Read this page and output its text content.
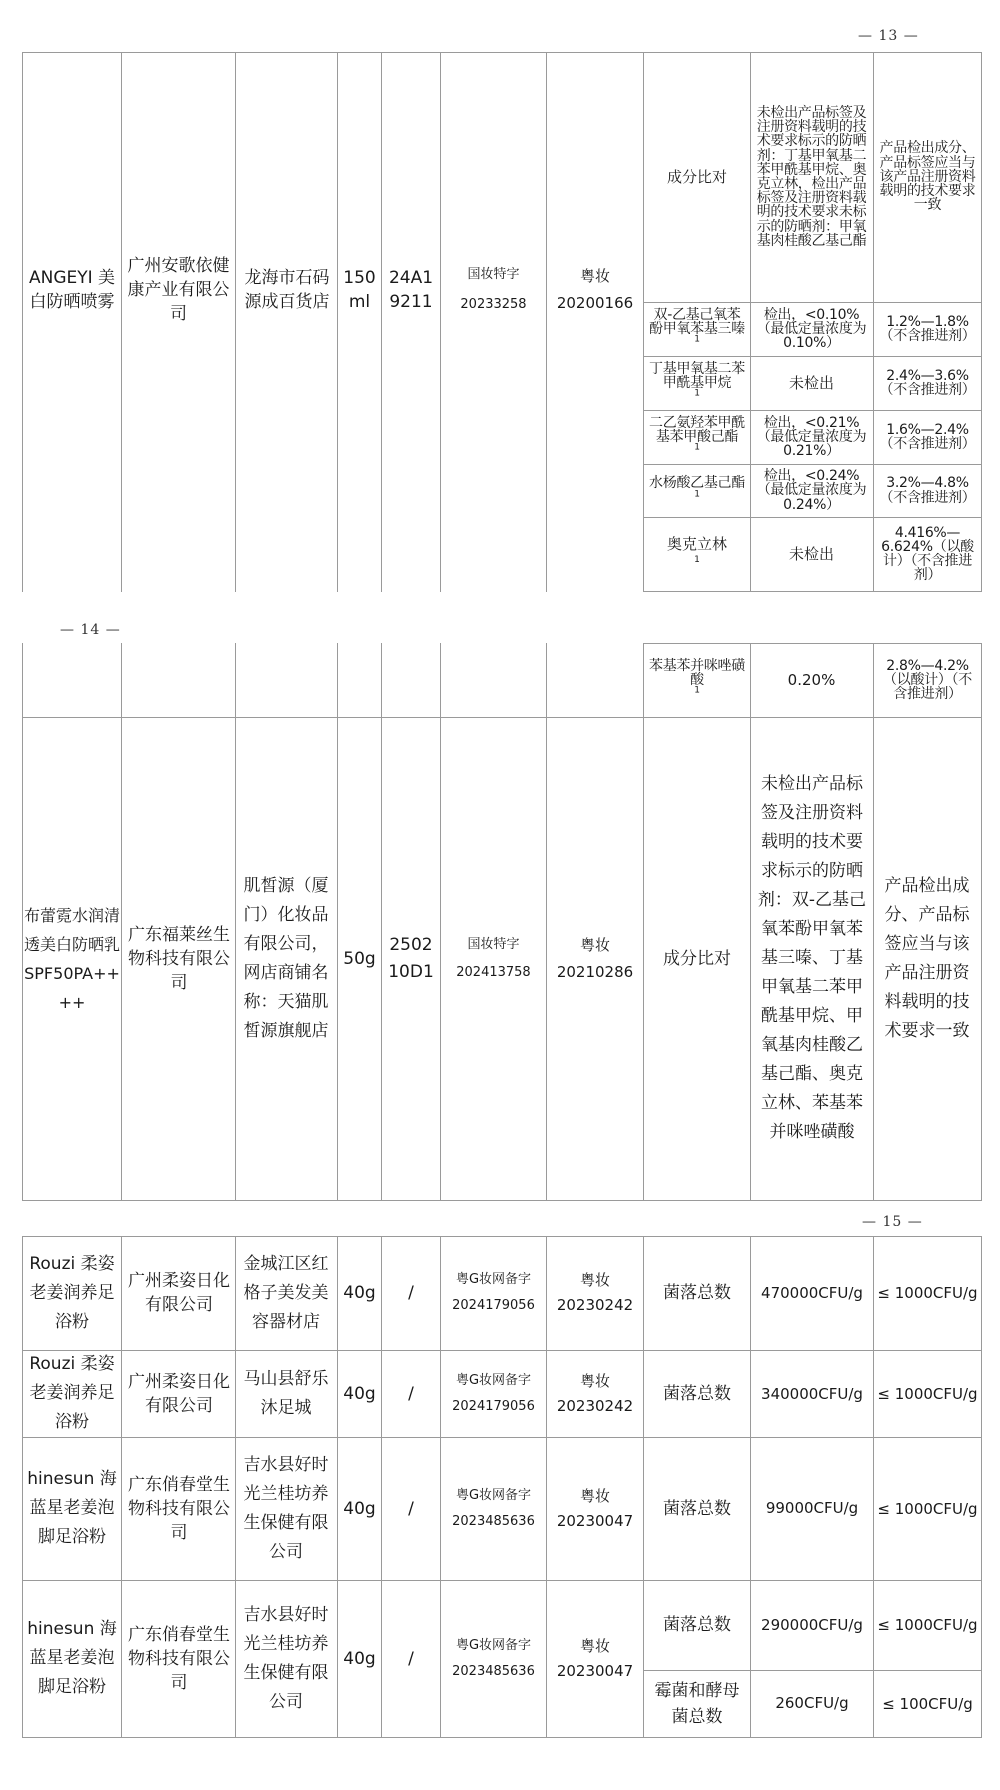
— 13 —
— 14 —
— 15 —
ANGEYI 美白防晒喷雾
广州安歌依健康产业有限公司
龙海市石码源成百货店
150 ml
24A1 9211
国妆特字
20233258
粤妆
20200166
成分比对
未检出产品标签及注册资料载明的技术要求标示的防晒剂：丁基甲氧基二苯甲酰基甲烷、奥克立林，检出产品标签及注册资料载明的技术要求未标示的防晒剂：甲氧基肉桂酸乙基己酯
产品检出成分、产品标签应当与该产品注册资料载明的技术要求一致
双-乙基己氧苯酚甲氧苯基三嗪
$^1$
检出，<0.10%（最低定量浓度为 0.10%）
1.2%—1.8%（不含推进剂）
丁基甲氧基二苯甲酰基甲烷
$^1$
未检出	2.4%—3.6%（不含推进剂）
二乙氨羟苯甲酰基苯甲酸己酯
$^1$
检出，<0.21%（最低定量浓度为 0.21%）
1.6%—2.4%（不含推进剂）
水杨酸乙基己酯
$^1$
检出，<0.24%（最低定量浓度为 0.24%）
3.2%—4.8%（不含推进剂）
奥克立林
$^1$	未检出
4.416%—6.624%（以酸计）（不含推进剂）
苯基苯并咪唑磺酸
$^1$
0.20%
2.8%—4.2%（以酸计）（不含推进剂）
布蕾霓水润清透美白防晒乳SPF50PA++++
广东福莱丝生物科技有限公司
肌皙源（厦门）化妆品有限公司，网店商铺名称：天猫肌皙源旗舰店
50g
2502 10D1
国妆特字
202413758
粤妆
20210286
成分比对
未检出产品标签及注册资料载明的技术要求标示的防晒剂：双-乙基己氧苯酚甲氧苯基三嗪、丁基甲氧基二苯甲酰基甲烷、甲氧基肉桂酸乙基己酯、奥克立林、苯基苯并咪唑磺酸
产品检出成分、产品标签应当与该产品注册资料载明的技术要求一致
Rouzi 柔姿老姜润养足浴粉
广州柔姿日化有限公司
金城江区红格子美发美容器材店
40g /
粤G妆网备字
2024179056
粤妆
20230242
菌落总数 470000CFU/g ≤ 1000CFU/g
Rouzi 柔姿老姜润养足浴粉
广州柔姿日化有限公司
马山县舒乐沐足城
40g /
粤G妆网备字
2024179056
粤妆
20230242
菌落总数 340000CFU/g ≤ 1000CFU/g
hinesun 海蓝星老姜泡脚足浴粉
广东俏春堂生物科技有限公司
吉水县好时光兰桂坊养生保健有限公司
40g /
粤G妆网备字
2023485636
粤妆
20230047
菌落总数 99000CFU/g ≤ 1000CFU/g
hinesun 海蓝星老姜泡脚足浴粉
广东俏春堂生物科技有限公司
吉水县好时光兰桂坊养生保健有限公司
40g /
粤G妆网备字
2023485636
粤妆
20230047
菌落总数 290000CFU/g ≤ 1000CFU/g
霉菌和酵母菌总数
260CFU/g ≤ 100CFU/g
